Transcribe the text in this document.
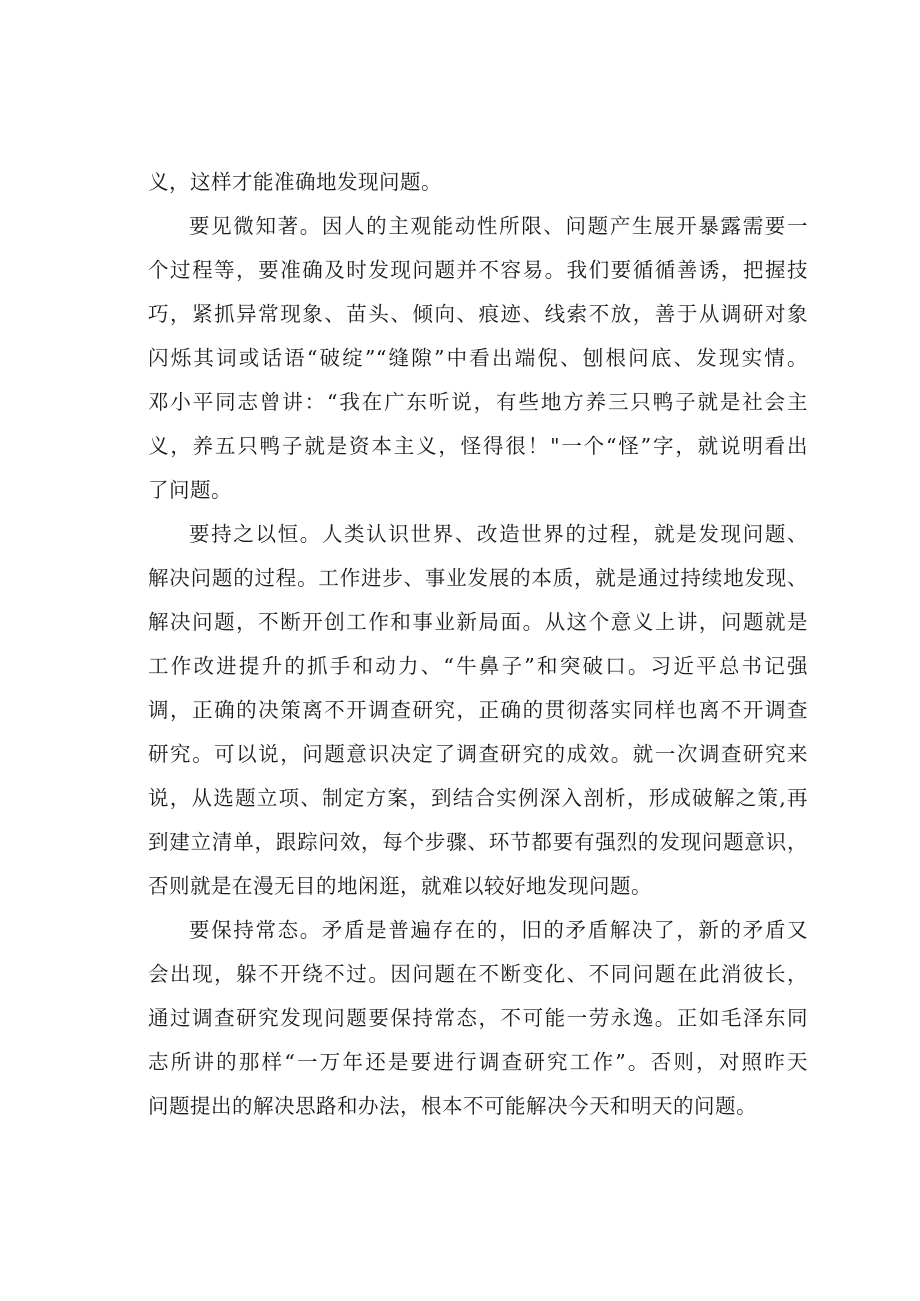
义，这样才能准确地发现问题。
要见微知著。因人的主观能动性所限、问题产生展开暴露需要一
个过程等，要准确及时发现问题并不容易。我们要循循善诱，把握技
巧，紧抓异常现象、苗头、倾向、痕迹、线索不放，善于从调研对象
闪烁其词或话语“破绽”“缝隙”中看出端倪、刨根问底、发现实情。
邓小平同志曾讲：“我在广东听说，有些地方养三只鸭子就是社会主
义，养五只鸭子就是资本主义，怪得很！"一个“怪”字，就说明看出
了问题。
要持之以恒。人类认识世界、改造世界的过程，就是发现问题、
解决问题的过程。工作进步、事业发展的本质，就是通过持续地发现、
解决问题，不断开创工作和事业新局面。从这个意义上讲，问题就是
工作改进提升的抓手和动力、“牛鼻子”和突破口。习近平总书记强
调，正确的决策离不开调查研究，正确的贯彻落实同样也离不开调查
研究。可以说，问题意识决定了调查研究的成效。就一次调查研究来
说，从选题立项、制定方案，到结合实例深入剖析，形成破解之策,再
到建立清单，跟踪问效，每个步骤、环节都要有强烈的发现问题意识，
否则就是在漫无目的地闲逛，就难以较好地发现问题。
要保持常态。矛盾是普遍存在的，旧的矛盾解决了，新的矛盾又
会出现，躲不开绕不过。因问题在不断变化、不同问题在此消彼长，
通过调查研究发现问题要保持常态，不可能一劳永逸。正如毛泽东同
志所讲的那样“一万年还是要进行调查研究工作”。否则，对照昨天
问题提出的解决思路和办法，根本不可能解决今天和明天的问题。
